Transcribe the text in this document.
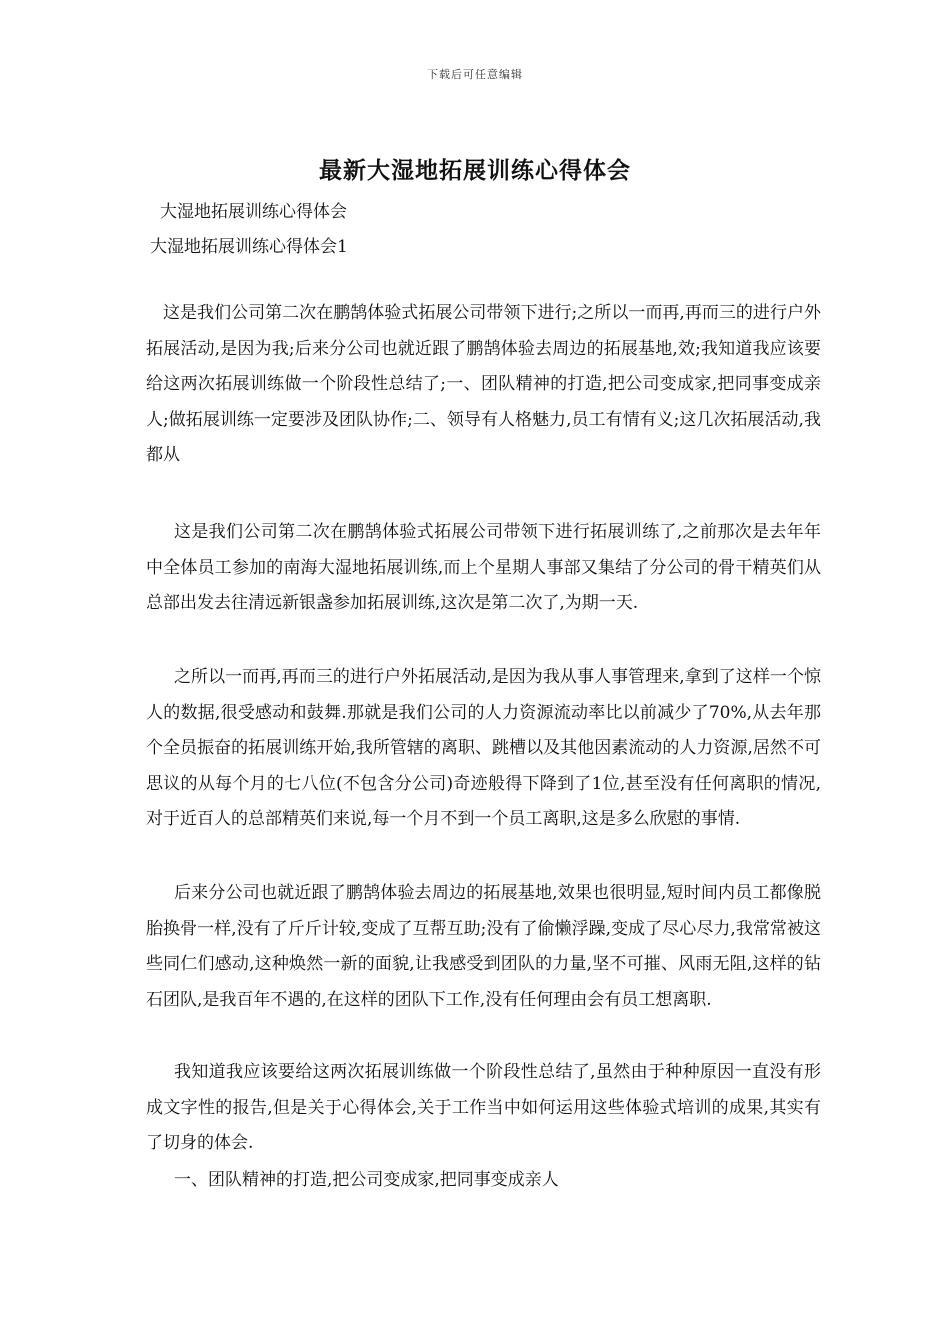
下载后可任意编辑
最新大湿地拓展训练心得体会
大湿地拓展训练心得体会
大湿地拓展训练心得体会1

这是我们公司第二次在鹏鹄体验式拓展公司带领下进行;之所以一而再,再而三的进行户外拓展活动,是因为我;后来分公司也就近跟了鹏鹄体验去周边的拓展基地,效;我知道我应该要给这两次拓展训练做一个阶段性总结了;一、团队精神的打造,把公司变成家,把同事变成亲人;做拓展训练一定要涉及团队协作;二、领导有人格魅力,员工有情有义;这几次拓展活动,我都从

这是我们公司第二次在鹏鹄体验式拓展公司带领下进行拓展训练了,之前那次是去年年中全体员工参加的南海大湿地拓展训练,而上个星期人事部又集结了分公司的骨干精英们从总部出发去往清远新银盏参加拓展训练,这次是第二次了,为期一天.

之所以一而再,再而三的进行户外拓展活动,是因为我从事人事管理来,拿到了这样一个惊人的数据,很受感动和鼓舞.那就是我们公司的人力资源流动率比以前减少了70%,从去年那个全员振奋的拓展训练开始,我所管辖的离职、跳槽以及其他因素流动的人力资源,居然不可思议的从每个月的七八位(不包含分公司)奇迹般得下降到了1位,甚至没有任何离职的情况,对于近百人的总部精英们来说,每一个月不到一个员工离职,这是多么欣慰的事情.

后来分公司也就近跟了鹏鹄体验去周边的拓展基地,效果也很明显,短时间内员工都像脱胎换骨一样,没有了斤斤计较,变成了互帮互助;没有了偷懒浮躁,变成了尽心尽力,我常常被这些同仁们感动,这种焕然一新的面貌,让我感受到团队的力量,坚不可摧、风雨无阻,这样的钻石团队,是我百年不遇的,在这样的团队下工作,没有任何理由会有员工想离职.

我知道我应该要给这两次拓展训练做一个阶段性总结了,虽然由于种种原因一直没有形成文字性的报告,但是关于心得体会,关于工作当中如何运用这些体验式培训的成果,其实有了切身的体会.

一、团队精神的打造,把公司变成家,把同事变成亲人
